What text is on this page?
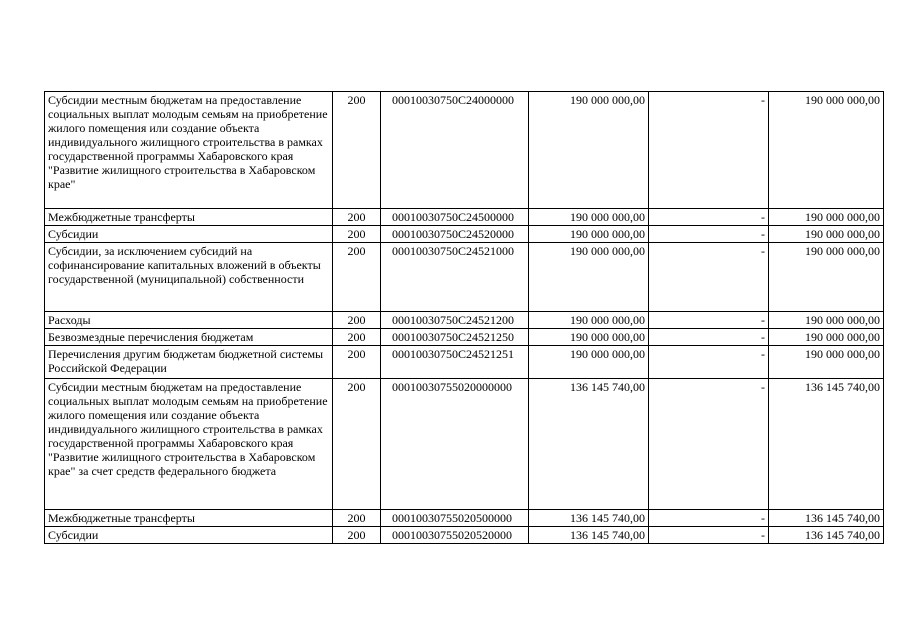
Субсидии местным бюджетам на предоставление социальных выплат молодым семьям на приобретение жилого помещения или создание объекта индивидуального жилищного строительства в рамках государственной программы Хабаровского края "Развитие жилищного строительства в Хабаровском крае"	200	00010030750C24000000	190 000 000,00	-	190 000 000,00
Межбюджетные трансферты	200	00010030750C24500000	190 000 000,00	-	190 000 000,00
Субсидии	200	00010030750C24520000	190 000 000,00	-	190 000 000,00
Субсидии, за исключением субсидий на софинансирование капитальных вложений в объекты государственной (муниципальной) собственности	200	00010030750C24521000	190 000 000,00	-	190 000 000,00
Расходы	200	00010030750C24521200	190 000 000,00	-	190 000 000,00
Безвозмездные перечисления бюджетам	200	00010030750C24521250	190 000 000,00	-	190 000 000,00
Перечисления другим бюджетам бюджетной системы Российской Федерации	200	00010030750C24521251	190 000 000,00	-	190 000 000,00
Субсидии местным бюджетам на предоставление социальных выплат молодым семьям на приобретение жилого помещения или создание объекта индивидуального жилищного строительства в рамках государственной программы Хабаровского края "Развитие жилищного строительства в Хабаровском крае" за счет средств федерального бюджета	200	00010030755020000000	136 145 740,00	-	136 145 740,00
Межбюджетные трансферты	200	00010030755020500000	136 145 740,00	-	136 145 740,00
Субсидии	200	00010030755020520000	136 145 740,00	-	136 145 740,00
